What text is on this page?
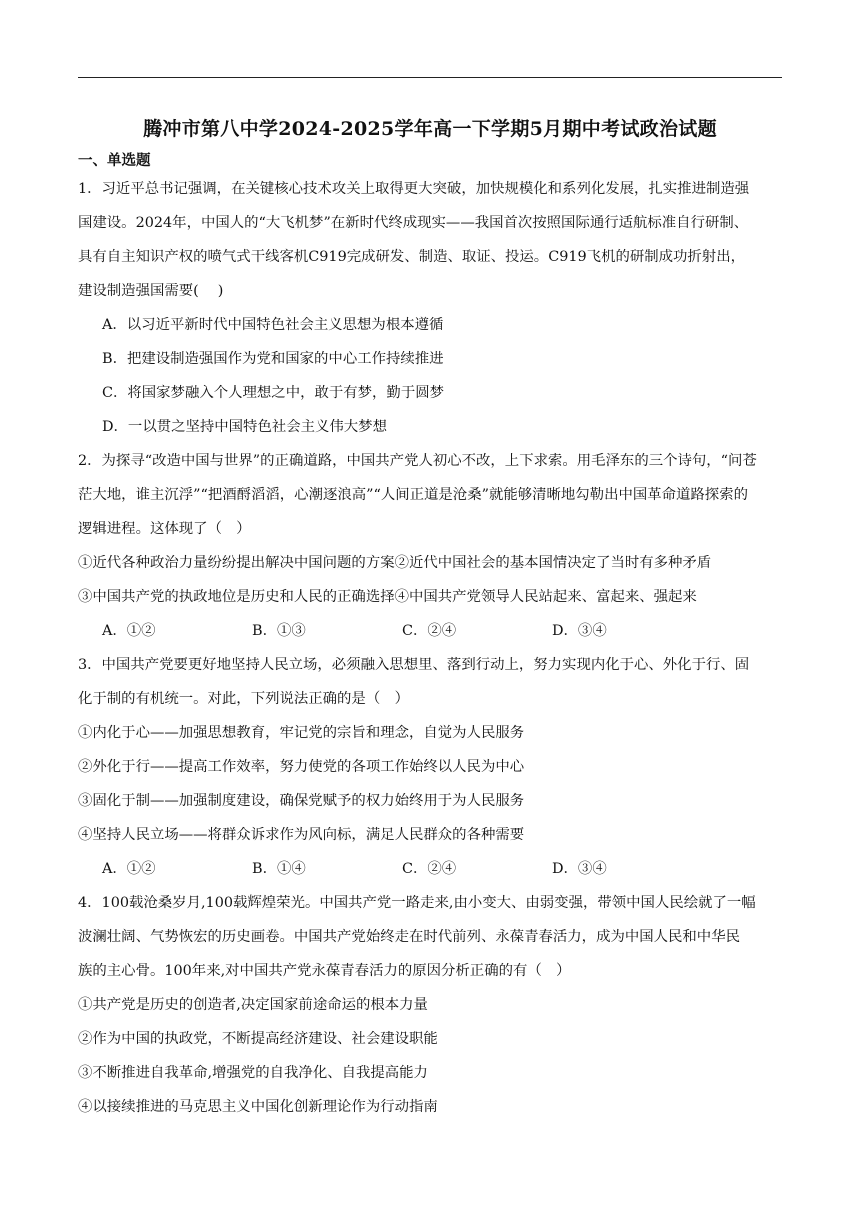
腾冲市第八中学2024-2025学年高一下学期5月期中考试政治试题
一、单选题
1．习近平总书记强调，在关键核心技术攻关上取得更大突破，加快规模化和系列化发展，扎实推进制造强
国建设。2024年，中国人的“大飞机梦”在新时代终成现实——我国首次按照国际通行适航标准自行研制、
具有自主知识产权的喷气式干线客机C919完成研发、制造、取证、投运。C919飞机的研制成功折射出，
建设制造强国需要(　 )
A．以习近平新时代中国特色社会主义思想为根本遵循
B．把建设制造强国作为党和国家的中心工作持续推进
C．将国家梦融入个人理想之中，敢于有梦，勤于圆梦
D．一以贯之坚持中国特色社会主义伟大梦想
2．为探寻“改造中国与世界”的正确道路，中国共产党人初心不改，上下求索。用毛泽东的三个诗句，“问苍
茫大地，谁主沉浮”“把酒酹滔滔，心潮逐浪高”“人间正道是沧桑”就能够清晰地勾勒出中国革命道路探索的
逻辑进程。这体现了（　）
①近代各种政治力量纷纷提出解决中国问题的方案②近代中国社会的基本国情决定了当时有多种矛盾
③中国共产党的执政地位是历史和人民的正确选择④中国共产党领导人民站起来、富起来、强起来
A．①②	B．①③	C．②④	D．③④
3．中国共产党要更好地坚持人民立场，必须融入思想里、落到行动上，努力实现内化于心、外化于行、固
化于制的有机统一。对此，下列说法正确的是（　）
①内化于心——加强思想教育，牢记党的宗旨和理念，自觉为人民服务
②外化于行——提高工作效率，努力使党的各项工作始终以人民为中心
③固化于制——加强制度建设，确保党赋予的权力始终用于为人民服务
④坚持人民立场——将群众诉求作为风向标，满足人民群众的各种需要
A．①②	B．①④	C．②④	D．③④
4．100载沧桑岁月,100载辉煌荣光。中国共产党一路走来,由小变大、由弱变强，带领中国人民绘就了一幅
波澜壮阔、气势恢宏的历史画卷。中国共产党始终走在时代前列、永葆青春活力，成为中国人民和中华民
族的主心骨。100年来,对中国共产党永葆青春活力的原因分析正确的有（　）
①共产党是历史的创造者,决定国家前途命运的根本力量
②作为中国的执政党，不断提高经济建设、社会建设职能
③不断推进自我革命,增强党的自我净化、自我提高能力
④以接续推进的马克思主义中国化创新理论作为行动指南
